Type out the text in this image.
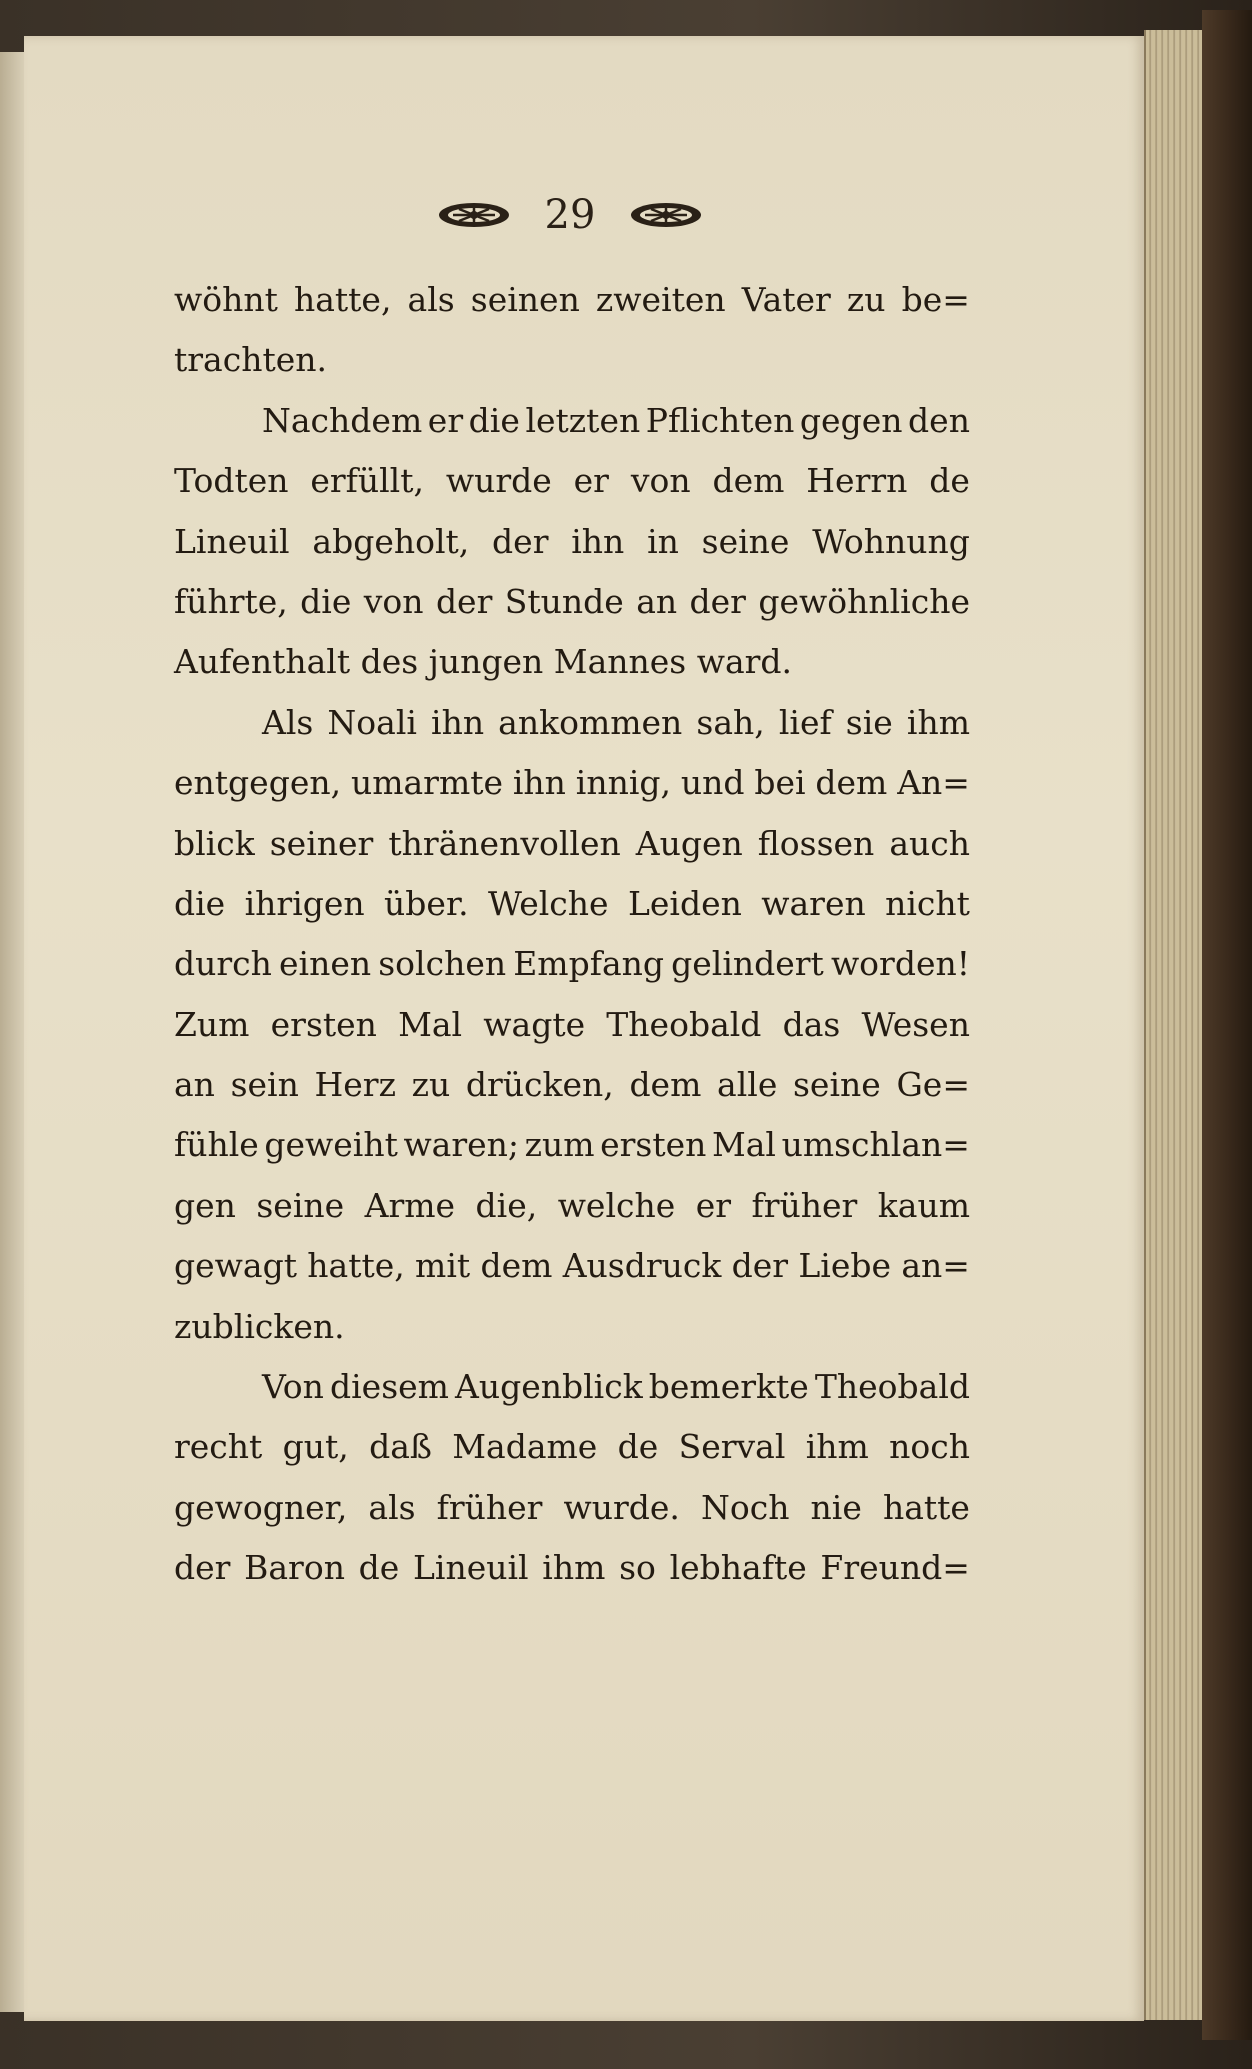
29
wöhnt hatte, als seinen zweiten Vater zu be=
trachten.
Nachdem er die letzten Pflichten gegen den
Todten erfüllt, wurde er von dem Herrn de
Lineuil abgeholt, der ihn in seine Wohnung
führte, die von der Stunde an der gewöhnliche
Aufenthalt des jungen Mannes ward.
Als Noali ihn ankommen sah, lief sie ihm
entgegen, umarmte ihn innig, und bei dem An=
blick seiner thränenvollen Augen flossen auch
die ihrigen über. Welche Leiden waren nicht
durch einen solchen Empfang gelindert worden!
Zum ersten Mal wagte Theobald das Wesen
an sein Herz zu drücken, dem alle seine Ge=
fühle geweiht waren; zum ersten Mal umschlan=
gen seine Arme die, welche er früher kaum
gewagt hatte, mit dem Ausdruck der Liebe an=
zublicken.
Von diesem Augenblick bemerkte Theobald
recht gut, daß Madame de Serval ihm noch
gewogner, als früher wurde. Noch nie hatte
der Baron de Lineuil ihm so lebhafte Freund=
